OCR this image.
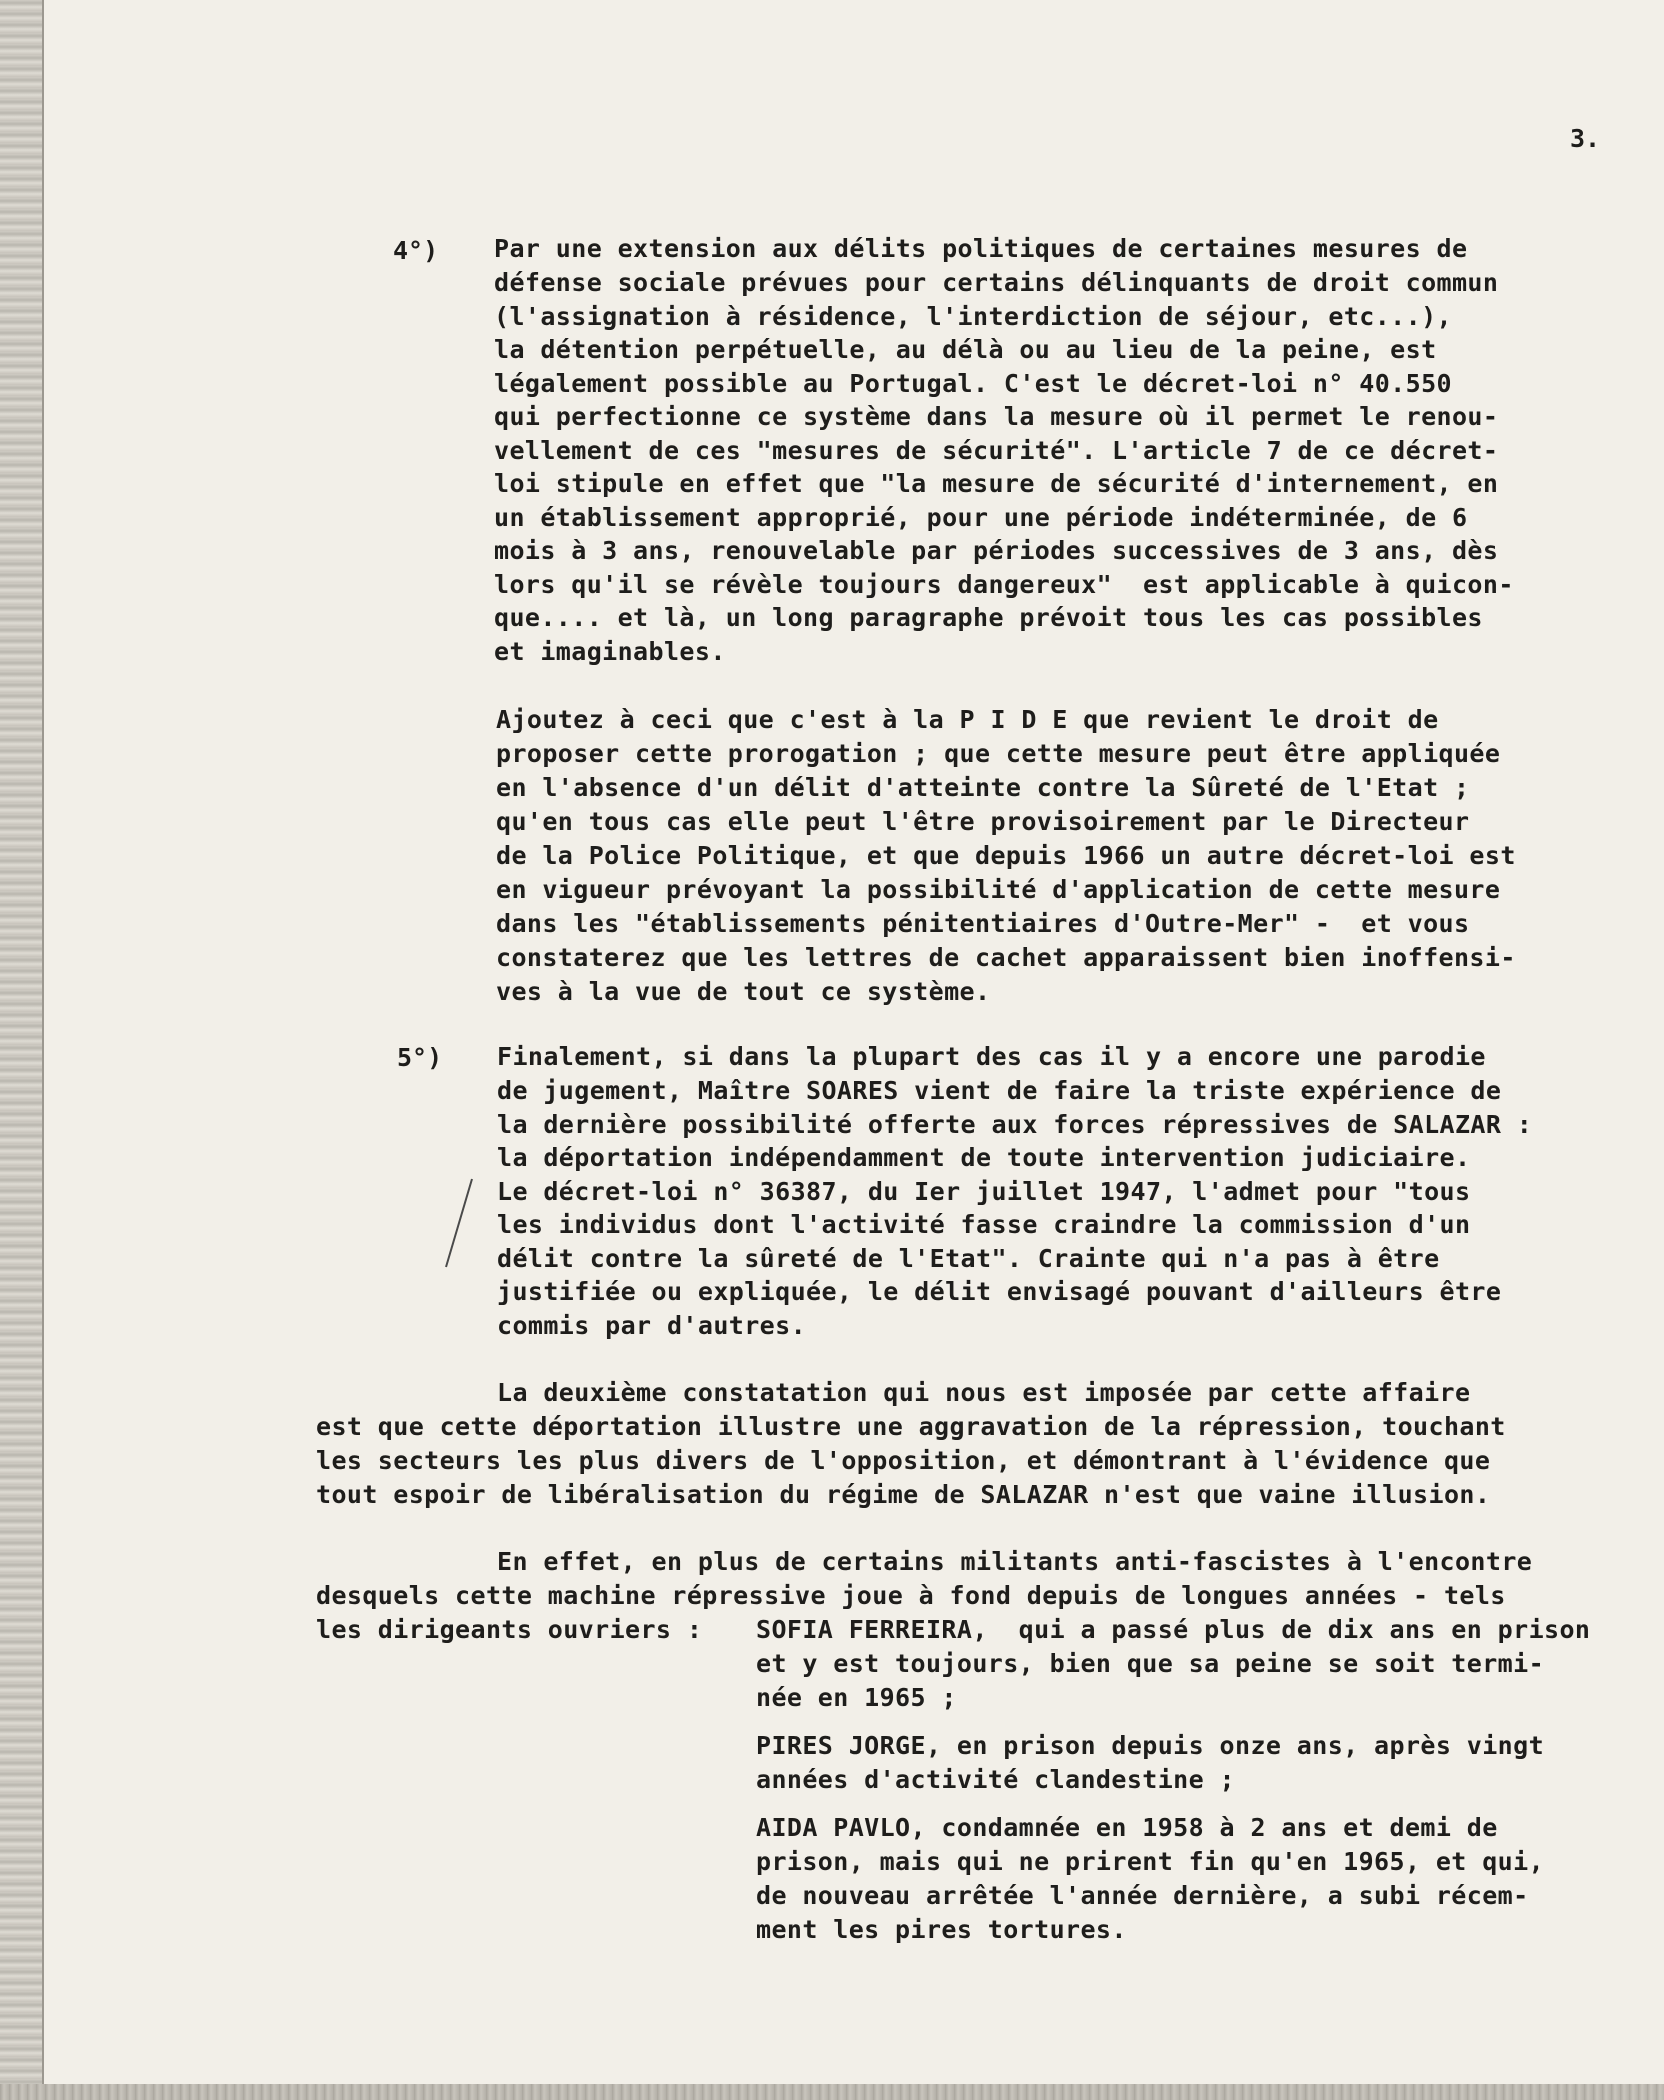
3.
4°) Par une extension aux délits politiques de certaines mesures de
défense sociale prévues pour certains délinquants de droit commun
(l'assignation à résidence, l'interdiction de séjour, etc...),
la détention perpétuelle, au délà ou au lieu de la peine, est
légalement possible au Portugal. C'est le décret-loi n° 40.550
qui perfectionne ce système dans la mesure où il permet le renou-
vellement de ces "mesures de sécurité". L'article 7 de ce décret-
loi stipule en effet que "la mesure de sécurité d'internement, en
un établissement approprié, pour une période indéterminée, de 6
mois à 3 ans, renouvelable par périodes successives de 3 ans, dès
lors qu'il se révèle toujours dangereux"  est applicable à quicon-
que.... et là, un long paragraphe prévoit tous les cas possibles
et imaginables.
Ajoutez à ceci que c'est à la P I D E que revient le droit de
proposer cette prorogation ; que cette mesure peut être appliquée
en l'absence d'un délit d'atteinte contre la Sûreté de l'Etat ;
qu'en tous cas elle peut l'être provisoirement par le Directeur
de la Police Politique, et que depuis 1966 un autre décret-loi est
en vigueur prévoyant la possibilité d'application de cette mesure
dans les "établissements pénitentiaires d'Outre-Mer" -  et vous
constaterez que les lettres de cachet apparaissent bien inoffensi-
ves à la vue de tout ce système.
5°) Finalement, si dans la plupart des cas il y a encore une parodie
de jugement, Maître SOARES vient de faire la triste expérience de
la dernière possibilité offerte aux forces répressives de SALAZAR :
la déportation indépendamment de toute intervention judiciaire.
Le décret-loi n° 36387, du Ier juillet 1947, l'admet pour "tous
les individus dont l'activité fasse craindre la commission d'un
délit contre la sûreté de l'Etat". Crainte qui n'a pas à être
justifiée ou expliquée, le délit envisagé pouvant d'ailleurs être
commis par d'autres.
La deuxième constatation qui nous est imposée par cette affaire
est que cette déportation illustre une aggravation de la répression, touchant
les secteurs les plus divers de l'opposition, et démontrant à l'évidence que
tout espoir de libéralisation du régime de SALAZAR n'est que vaine illusion.
En effet, en plus de certains militants anti-fascistes à l'encontre
desquels cette machine répressive joue à fond depuis de longues années - tels
les dirigeants ouvriers : SOFIA FERREIRA,  qui a passé plus de dix ans en prison
et y est toujours, bien que sa peine se soit termi-
née en 1965 ;
PIRES JORGE, en prison depuis onze ans, après vingt
années d'activité clandestine ;
AIDA PAVLO, condamnée en 1958 à 2 ans et demi de
prison, mais qui ne prirent fin qu'en 1965, et qui,
de nouveau arrêtée l'année dernière, a subi récem-
ment les pires tortures.
